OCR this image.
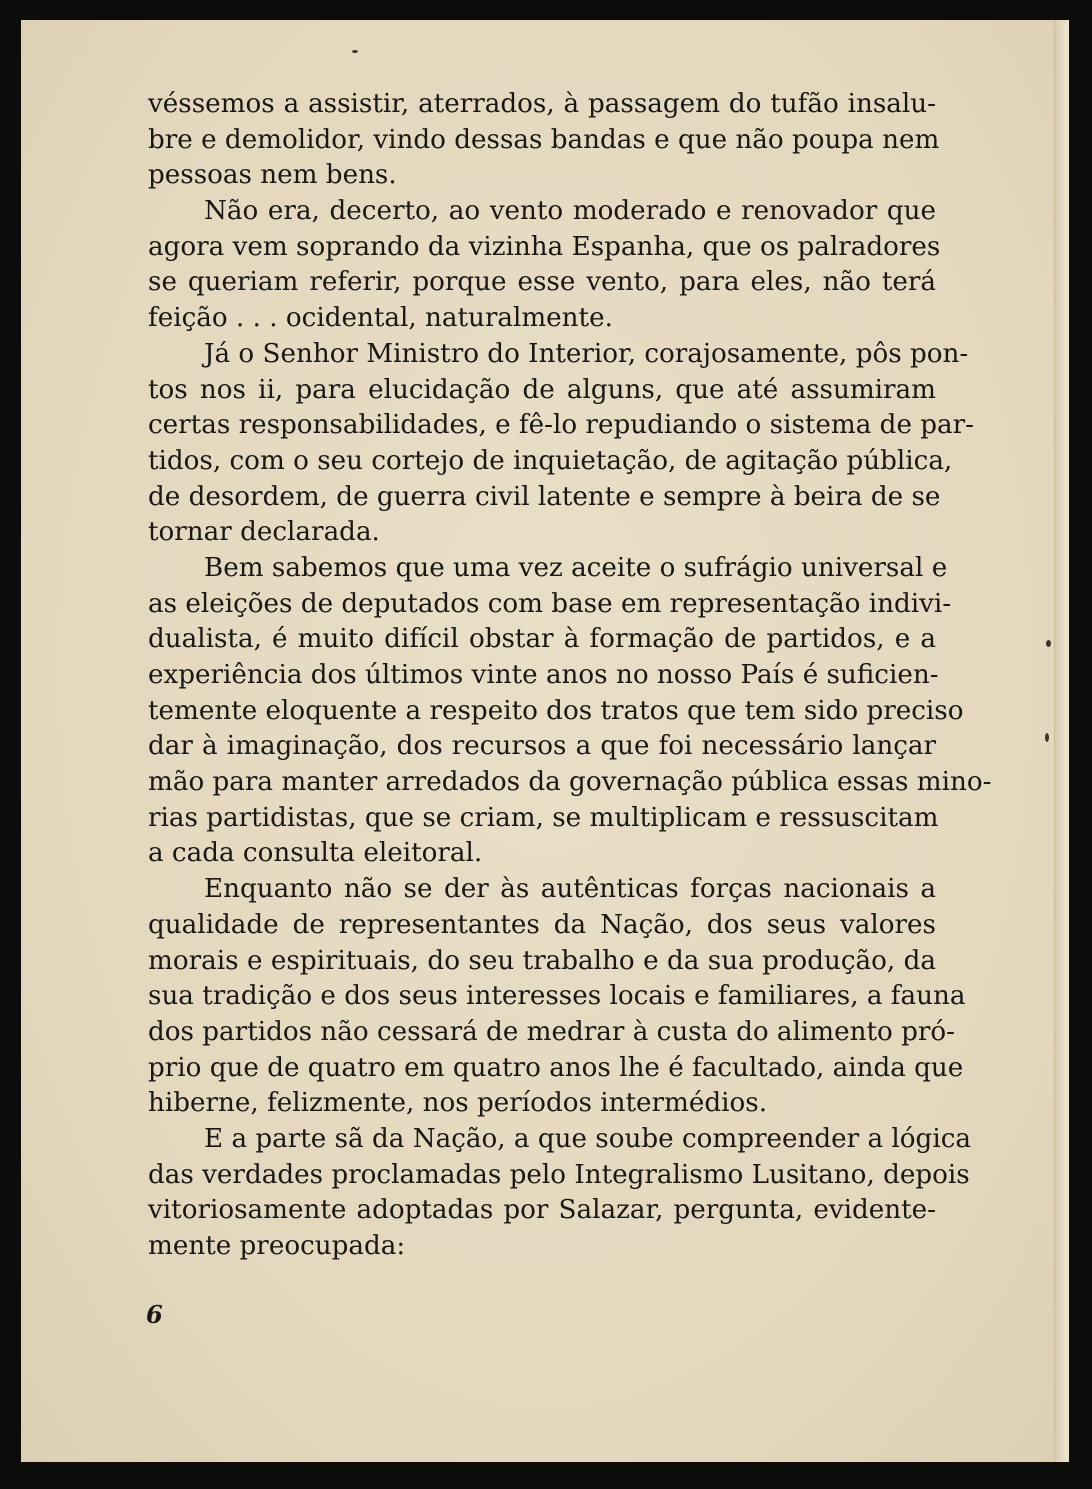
véssemos a assistir, aterrados, à passagem do tufão insalu-
bre e demolidor, vindo dessas bandas e que não poupa nem
pessoas nem bens.
Não era, decerto, ao vento moderado e renovador que
agora vem soprando da vizinha Espanha, que os palradores
se queriam referir, porque esse vento, para eles, não terá
feição . . . ocidental, naturalmente.
Já o Senhor Ministro do Interior, corajosamente, pôs pon-
tos nos ii, para elucidação de alguns, que até assumiram
certas responsabilidades, e fê-lo repudiando o sistema de par-
tidos, com o seu cortejo de inquietação, de agitação pública,
de desordem, de guerra civil latente e sempre à beira de se
tornar declarada.
Bem sabemos que uma vez aceite o sufrágio universal e
as eleições de deputados com base em representação indivi-
dualista, é muito difícil obstar à formação de partidos, e a
experiência dos últimos vinte anos no nosso País é suficien-
temente eloquente a respeito dos tratos que tem sido preciso
dar à imaginação, dos recursos a que foi necessário lançar
mão para manter arredados da governação pública essas mino-
rias partidistas, que se criam, se multiplicam e ressuscitam
a cada consulta eleitoral.
Enquanto não se der às autênticas forças nacionais a
qualidade de representantes da Nação, dos seus valores
morais e espirituais, do seu trabalho e da sua produção, da
sua tradição e dos seus interesses locais e familiares, a fauna
dos partidos não cessará de medrar à custa do alimento pró-
prio que de quatro em quatro anos lhe é facultado, ainda que
hiberne, felizmente, nos períodos intermédios.
E a parte sã da Nação, a que soube compreender a lógica
das verdades proclamadas pelo Integralismo Lusitano, depois
vitoriosamente adoptadas por Salazar, pergunta, evidente-
mente preocupada:
6
